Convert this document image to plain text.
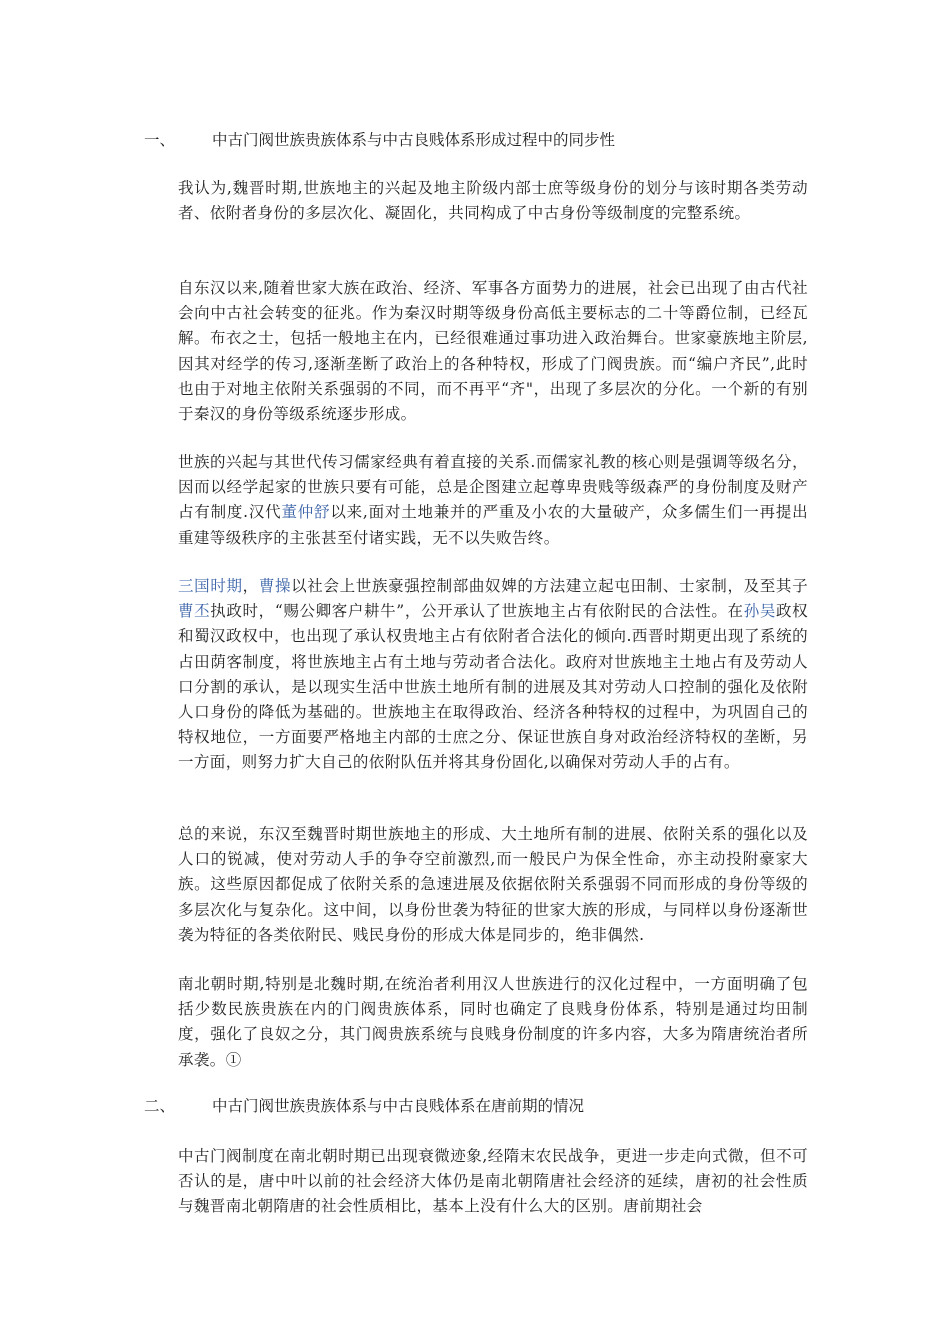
一、 中古门阀世族贵族体系与中古良贱体系形成过程中的同步性
我认为,魏晋时期,世族地主的兴起及地主阶级内部士庶等级身份的划分与该时期各类劳动者、依附者身份的多层次化、凝固化，共同构成了中古身份等级制度的完整系统。
自东汉以来,随着世家大族在政治、经济、军事各方面势力的进展，社会已出现了由古代社会向中古社会转变的征兆。作为秦汉时期等级身份高低主要标志的二十等爵位制，已经瓦解。布衣之士，包括一般地主在内，已经很难通过事功进入政治舞台。世家豪族地主阶层,因其对经学的传习,逐渐垄断了政治上的各种特权，形成了门阀贵族。而“编户齐民”,此时也由于对地主依附关系强弱的不同，而不再平“齐"，出现了多层次的分化。一个新的有别于秦汉的身份等级系统逐步形成。
世族的兴起与其世代传习儒家经典有着直接的关系.而儒家礼教的核心则是强调等级名分，因而以经学起家的世族只要有可能，总是企图建立起尊卑贵贱等级森严的身份制度及财产占有制度.汉代董仲舒以来,面对土地兼并的严重及小农的大量破产，众多儒生们一再提出重建等级秩序的主张甚至付诸实践，无不以失败告终。
三国时期，曹操以社会上世族豪强控制部曲奴婢的方法建立起屯田制、士家制，及至其子曹丕执政时，“赐公卿客户耕牛”，公开承认了世族地主占有依附民的合法性。在孙吴政权和蜀汉政权中，也出现了承认权贵地主占有依附者合法化的倾向.西晋时期更出现了系统的占田荫客制度，将世族地主占有土地与劳动者合法化。政府对世族地主土地占有及劳动人口分割的承认，是以现实生活中世族土地所有制的进展及其对劳动人口控制的强化及依附人口身份的降低为基础的。世族地主在取得政治、经济各种特权的过程中，为巩固自己的特权地位，一方面要严格地主内部的士庶之分、保证世族自身对政治经济特权的垄断，另一方面，则努力扩大自己的依附队伍并将其身份固化,以确保对劳动人手的占有。
总的来说，东汉至魏晋时期世族地主的形成、大土地所有制的进展、依附关系的强化以及人口的锐减，使对劳动人手的争夺空前激烈,而一般民户为保全性命，亦主动投附豪家大族。这些原因都促成了依附关系的急速进展及依据依附关系强弱不同而形成的身份等级的多层次化与复杂化。这中间，以身份世袭为特征的世家大族的形成，与同样以身份逐渐世袭为特征的各类依附民、贱民身份的形成大体是同步的，绝非偶然.
南北朝时期,特别是北魏时期,在统治者利用汉人世族进行的汉化过程中，一方面明确了包括少数民族贵族在内的门阀贵族体系，同时也确定了良贱身份体系，特别是通过均田制度，强化了良奴之分，其门阀贵族系统与良贱身份制度的许多内容，大多为隋唐统治者所承袭。①
二、 中古门阀世族贵族体系与中古良贱体系在唐前期的情况
中古门阀制度在南北朝时期已出现衰微迹象,经隋末农民战争，更进一步走向式微，但不可否认的是，唐中叶以前的社会经济大体仍是南北朝隋唐社会经济的延续，唐初的社会性质与魏晋南北朝隋唐的社会性质相比，基本上没有什么大的区别。唐前期社会
